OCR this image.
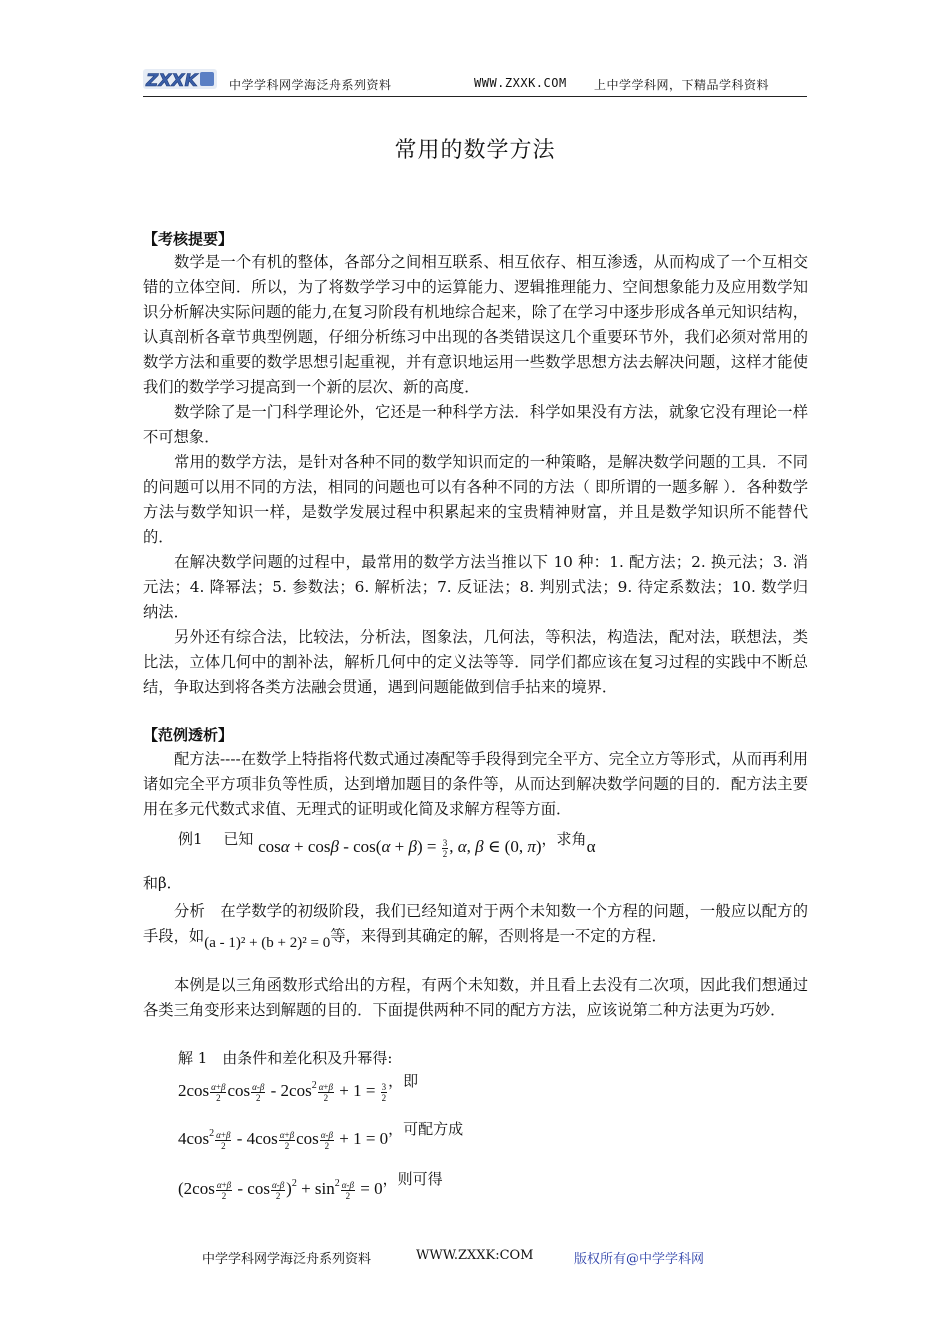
ZXXK	中学学科网学海泛舟系列资料	WWW.ZXXK.COM 上中学学科网，下精品学科资料
常用的数学方法
【考核提要】

数学是一个有机的整体，各部分之间相互联系、相互依存、相互渗透，从而构成了一个互相交错的立体空间．所以，为了将数学学习中的运算能力、逻辑推理能力、空间想象能力及应用数学知识分析解决实际问题的能力,在复习阶段有机地综合起来，除了在学习中逐步形成各单元知识结构，认真剖析各章节典型例题，仔细分析练习中出现的各类错误这几个重要环节外，我们必须对常用的数学方法和重要的数学思想引起重视，并有意识地运用一些数学思想方法去解决问题，这样才能使我们的数学学习提高到一个新的层次、新的高度．

数学除了是一门科学理论外，它还是一种科学方法．科学如果没有方法，就象它没有理论一样不可想象．

常用的数学方法，是针对各种不同的数学知识而定的一种策略，是解决数学问题的工具．不同的问题可以用不同的方法，相同的问题也可以有各种不同的方法（ 即所谓的一题多解 ）．各种数学方法与数学知识一样，是数学发展过程中积累起来的宝贵精神财富，并且是数学知识所不能替代的．

在解决数学问题的过程中，最常用的数学方法当推以下 10 种：1. 配方法；2. 换元法；3. 消元法；4. 降幂法；5. 参数法；6. 解析法；7. 反证法；8. 判别式法；9. 待定系数法；10. 数学归纳法．

另外还有综合法，比较法，分析法，图象法，几何法，等积法，构造法，配对法，联想法，类比法，立体几何中的割补法，解析几何中的定义法等等．同学们都应该在复习过程的实践中不断总结，争取达到将各类方法融会贯通，遇到问题能做到信手拈来的境界．

【范例透析】

配方法----在数学上特指将代数式通过凑配等手段得到完全平方、完全立方等形式，从而再利用诸如完全平方项非负等性质，达到增加题目的条件等，从而达到解决数学问题的目的．配方法主要用在多元代数式求值、无理式的证明或化简及求解方程等方面．

例1 已知 $\cos\alpha + \cos\beta - \cos(\alpha + \beta) = \frac{3}{2}$ , α, β ∈ (0, π)，求角α
和β．

分析　在学数学的初级阶段，我们已经知道对于两个未知数一个方程的问题，一般应以配方的手段，如(a - 1)² + (b + 2)² = 0等，来得到其确定的解，否则将是一不定的方程．

本例是以三角函数形式给出的方程，有两个未知数，并且看上去没有二次项，因此我们想通过各类三角变形来达到解题的目的．下面提供两种不同的配方方法，应该说第二种方法更为巧妙．

解 1　由条件和差化积及升幂得:
$2\cos \frac{\alpha+\beta}{2}$ $\cos \frac{\alpha-\beta}{2} - 2\cos^2 \frac{\alpha+\beta}{2} + 1 = \frac{3}{2}$
，即
$4\cos^2 \frac{\alpha+\beta}{2} - 4\cos \frac{\alpha+\beta}{2}$ $\cos \frac{\alpha-\beta}{2} + 1 = 0$，可配方成
$(2\cos \frac{\alpha+\beta}{2} - \cos \frac{\alpha-\beta}{2} )^2 + \sin^2 \frac{\alpha-\beta}{2} = 0$，则可得
中学学科网学海泛舟系列资料	WWW.ZXXK:COM	版权所有@中学学科网
